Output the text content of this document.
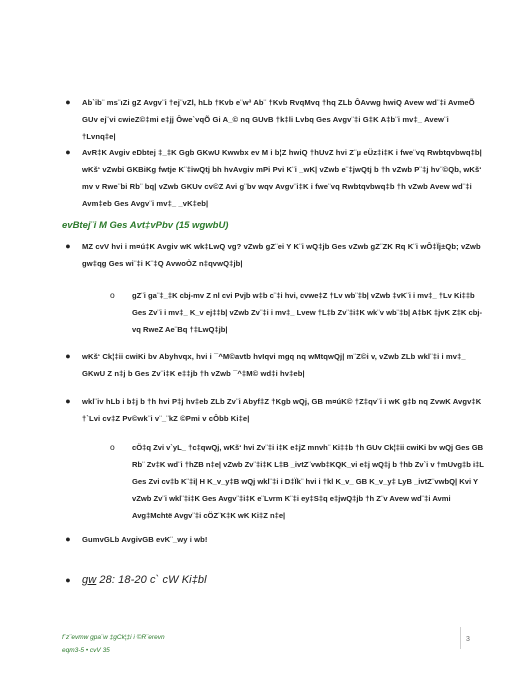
●	Ab`ib¨ ms¨ıZi gZ Avgv¨i †ej¨vZl, hLb †Kvb e¨w³ Ab¨ †Kvb RvqMvq †hq ZLb ÔAvwg hwiQ Avew wd¨‡i AvmeÕ GUv ej¨vi cwieZ©‡mi e‡jj Ôwe`vqÕ Gi A_© nq GUvB †k‡li Lvbq Ges Avgv¨‡i G‡K A‡b¨i mv‡_ Avew¨i †Lvnq‡e|
●	AvR‡K Avgiv eDbtej ‡_‡K Ggb GKwU Kwwbx ev M i b¦Z hwiQ †hUvZ hvi Z¨µ eÜz‡i‡K i fwe¨vq Rwbtqvbwq‡b| wKš‘ vZwbi GKBiKg fwtje K¨‡iwQtj bh hvAvgiv mPi Pvi K¨i _wK| vZwb e¨‡jwQtj b †h vZwb P¨‡j hv¨©Qb, wKš‘ mv v Rwe¨bi Rb¨ bq| vZwb GKUv cv©Z Avi g¨bv wqv Avgv¨i‡K i fwe¨vq Rwbtqvbwq‡b †h vZwb Avew wd¨‡i Avm‡eb Ges Avgv¨i mv‡_ _vK‡eb|
evBtej¨i M Ges Avt‡vPbv (15 wgwbU)
●	MZ cvV hvi i m¤ú‡K Avgiv wK wk‡LwQ vg? vZwb gZ¨ei Y K¨i wQ‡jb Ges vZwb gZ¨ZK Rq K¨i wÔ‡Ïj±Qb; vZwb gw‡qg Ges wi¨‡i K¨‡Q AvwoÒZ n‡qvwQ‡jb|
o gZ¨i ga¨‡_‡K cbj-mv Z nl cvi Pvjb w‡b c¨‡i hvi, cvwe‡Z †Lv wb¨‡b| vZwb ‡vK¨i i mv‡_ †Lv Ki‡‡b Ges Zv¨i i mv‡_ K_v ej‡‡b| vZwb Zv¨‡i i mv‡_ Lvew †L‡b Zv¨‡i‡K wk¨v wb¨‡b| A‡bK ‡jvK Z‡K cbj-vq RweZ Ae¨Bq †‡LwQ‡jb|
●	wKš‘ Ck¦‡ii cwiKi bv Abyhvqx, hvi i ¯^M©avtb hvIqvi mgq nq wMtqwQj| m¨Z©i v, vZwb ZLb wkl¨‡i i mv‡_ GKwU Z n‡j b Ges Zv¨i‡K e‡‡jb †h vZwb ¯^‡M© wd‡i hv‡eb|
●	wkl¨iv hLb i b‡j b †h hvi P‡j hv‡eb ZLb Zv¨i Abyf‡Z †Kgb wQj, GB m¤úK© †Z‡qv¨i i wK g‡b nq ZvwK Avgv‡K †`Lvi cv‡Z Pv©wk¨i v¨_¨kZ ©Pmi v cÔbb Ki‡e|
o cÖ‡q Zvi v`yL_ †c‡qwQj, wKš‘ hvi Zv¨‡i i‡K e‡jZ mnvh¨ Ki‡‡b †h GUv Ck¦‡ii cwiKi bv wQj Ges GB Rb¨ Zv‡K wd¨i †hZB n‡e| vZwb Zv¨‡i‡K L‡B _ivtZ¨vwb‡KQK_vi e‡j wQ‡j b †hb Zv`i v †mUvg‡b i‡L Ges Zvi cv‡b K¨‡i| H K_v_y‡B wQj wkl¨‡i i D‡Ïk¨ hvi i †kl K_v_ GB K_v_y‡ LyB _ivtZ¨vwbQ| Kvi Y vZwb Zv¨i wkl¨‡i‡K Ges Avgv¨‡i‡K e¨Lvrm K¨‡i ey‡S‡q e‡jwQ‡jb †h Z¨v Avew wd¨‡i Avmi Avg‡Mchtë Avgv¨‡i cÖZ¨K‡K wK Ki‡Z n‡e|
●	GumvGLb AvgivGB evK¨_wy i wb!
● gw 28: 18-20 c` cW Ki‡bl
f¨z¨evmw gpa¨w ‡gCk¦‡i i ©R¨erevn
eqm3-5 • cvV 35
3
